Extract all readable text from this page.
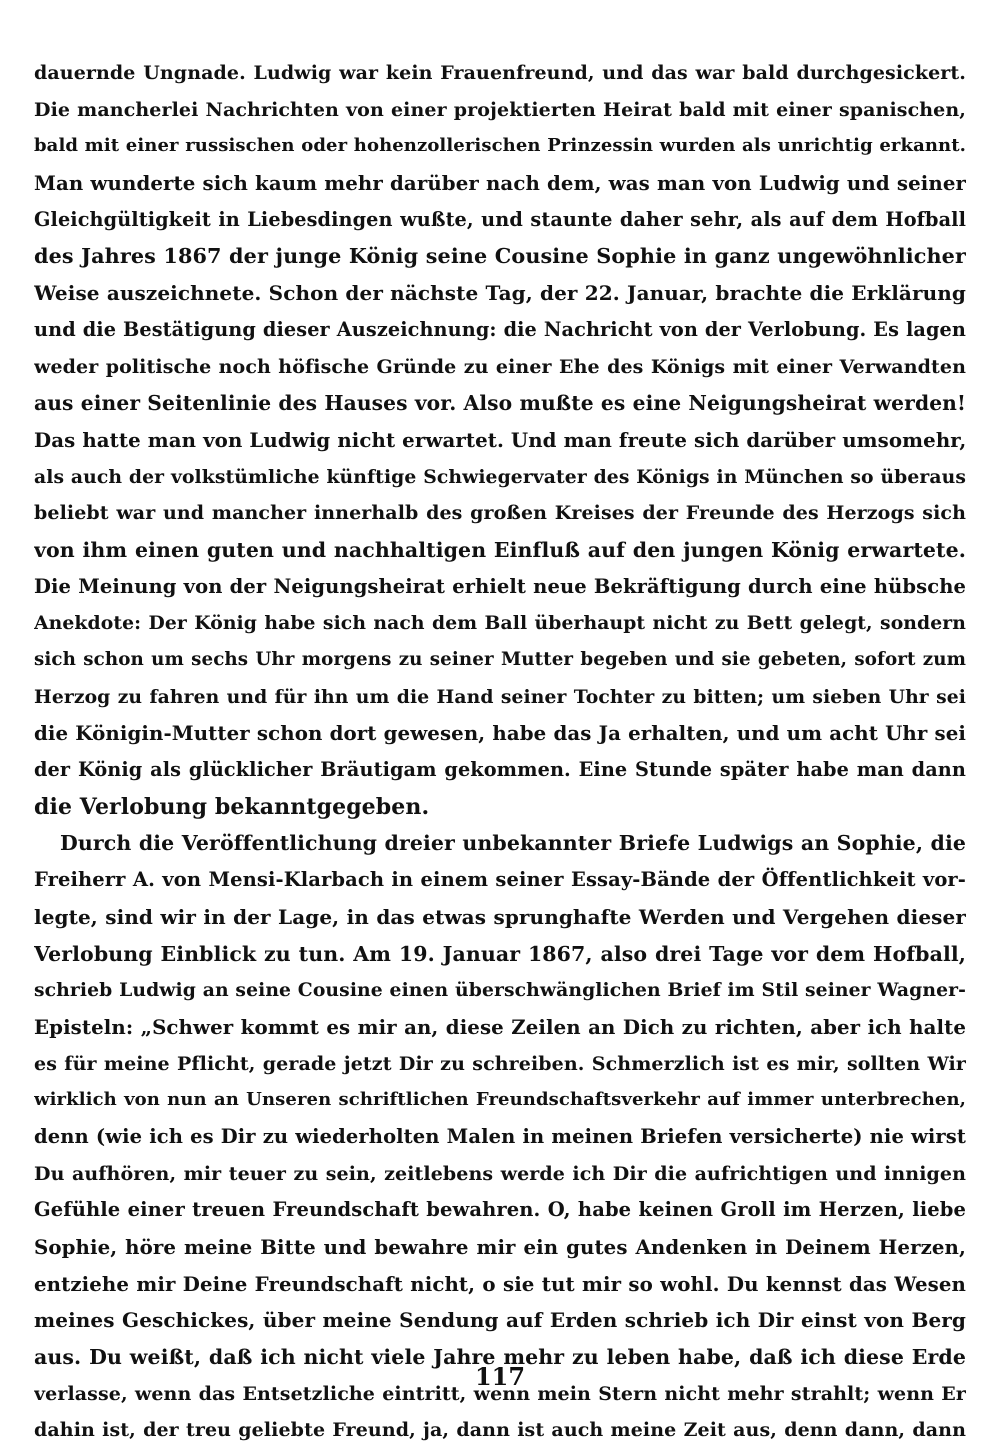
dauernde Ungnade. Ludwig war kein Frauenfreund, und das war bald durchgesickert.
Die mancherlei Nachrichten von einer projektierten Heirat bald mit einer spanischen,
bald mit einer russischen oder hohenzollerischen Prinzessin wurden als unrichtig erkannt.
Man wunderte sich kaum mehr darüber nach dem, was man von Ludwig und seiner
Gleichgültigkeit in Liebesdingen wußte, und staunte daher sehr, als auf dem Hofball
des Jahres 1867 der junge König seine Cousine Sophie in ganz ungewöhnlicher
Weise auszeichnete. Schon der nächste Tag, der 22. Januar, brachte die Erklärung
und die Bestätigung dieser Auszeichnung: die Nachricht von der Verlobung. Es lagen
weder politische noch höfische Gründe zu einer Ehe des Königs mit einer Verwandten
aus einer Seitenlinie des Hauses vor. Also mußte es eine Neigungsheirat werden!
Das hatte man von Ludwig nicht erwartet. Und man freute sich darüber umsomehr,
als auch der volkstümliche künftige Schwiegervater des Königs in München so überaus
beliebt war und mancher innerhalb des großen Kreises der Freunde des Herzogs sich
von ihm einen guten und nachhaltigen Einfluß auf den jungen König erwartete.
Die Meinung von der Neigungsheirat erhielt neue Bekräftigung durch eine hübsche
Anekdote: Der König habe sich nach dem Ball überhaupt nicht zu Bett gelegt, sondern
sich schon um sechs Uhr morgens zu seiner Mutter begeben und sie gebeten, sofort zum
Herzog zu fahren und für ihn um die Hand seiner Tochter zu bitten; um sieben Uhr sei
die Königin-Mutter schon dort gewesen, habe das Ja erhalten, und um acht Uhr sei
der König als glücklicher Bräutigam gekommen. Eine Stunde später habe man dann
die Verlobung bekanntgegeben.
Durch die Veröffentlichung dreier unbekannter Briefe Ludwigs an Sophie, die
Freiherr A. von Mensi-Klarbach in einem seiner Essay-Bände der Öffentlichkeit vor-
legte, sind wir in der Lage, in das etwas sprunghafte Werden und Vergehen dieser
Verlobung Einblick zu tun. Am 19. Januar 1867, also drei Tage vor dem Hofball,
schrieb Ludwig an seine Cousine einen überschwänglichen Brief im Stil seiner Wagner-
Episteln: „Schwer kommt es mir an, diese Zeilen an Dich zu richten, aber ich halte
es für meine Pflicht, gerade jetzt Dir zu schreiben. Schmerzlich ist es mir, sollten Wir
wirklich von nun an Unseren schriftlichen Freundschaftsverkehr auf immer unterbrechen,
denn (wie ich es Dir zu wiederholten Malen in meinen Briefen versicherte) nie wirst
Du aufhören, mir teuer zu sein, zeitlebens werde ich Dir die aufrichtigen und innigen
Gefühle einer treuen Freundschaft bewahren. O, habe keinen Groll im Herzen, liebe
Sophie, höre meine Bitte und bewahre mir ein gutes Andenken in Deinem Herzen,
entziehe mir Deine Freundschaft nicht, o sie tut mir so wohl. Du kennst das Wesen
meines Geschickes, über meine Sendung auf Erden schrieb ich Dir einst von Berg
aus. Du weißt, daß ich nicht viele Jahre mehr zu leben habe, daß ich diese Erde
verlasse, wenn das Entsetzliche eintritt, wenn mein Stern nicht mehr strahlt; wenn Er
dahin ist, der treu geliebte Freund, ja, dann ist auch meine Zeit aus, denn dann, dann
117
